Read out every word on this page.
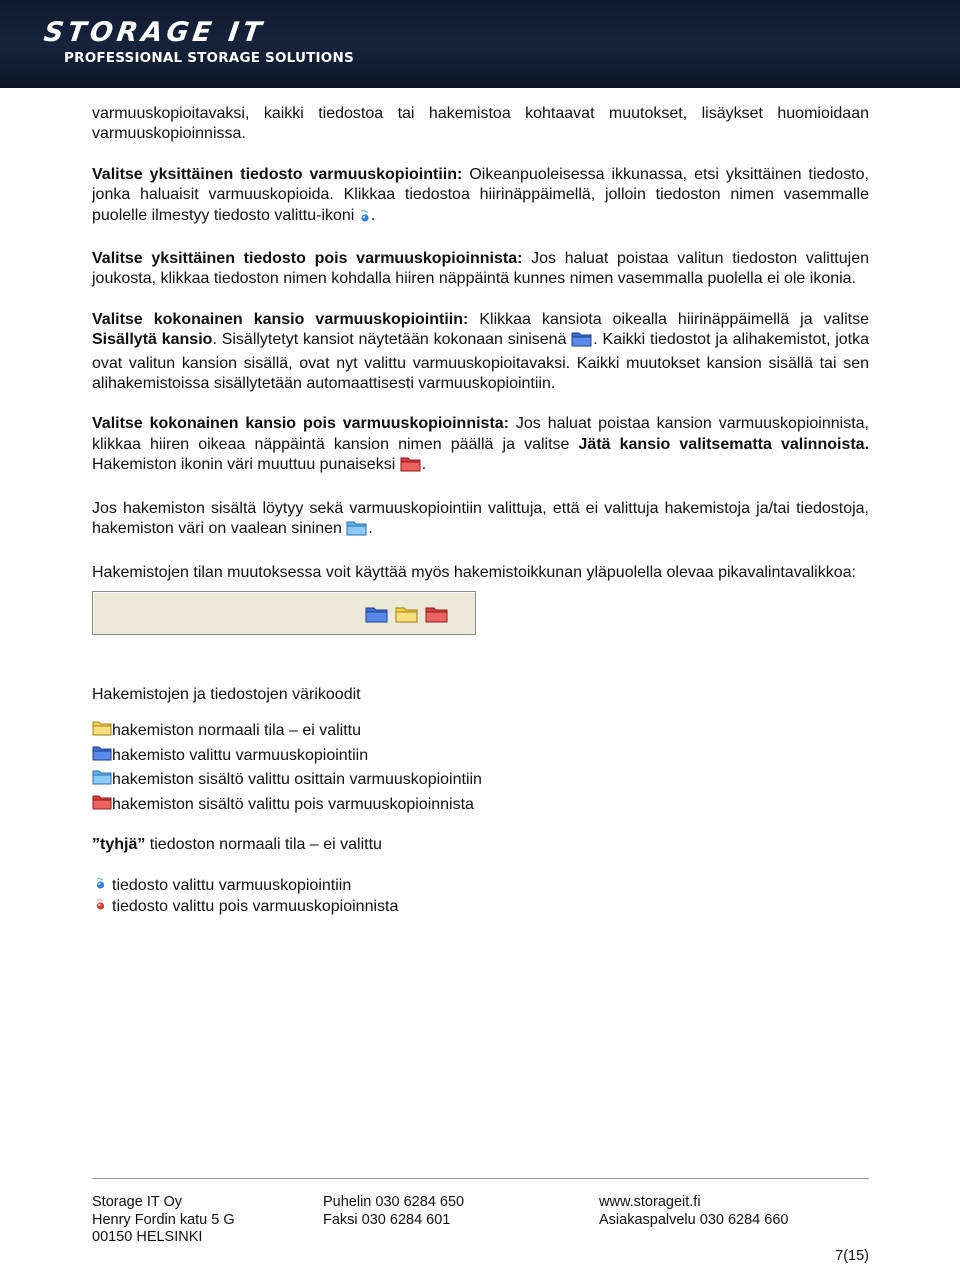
STORAGE IT
PROFESSIONAL STORAGE SOLUTIONS

varmuuskopioitavaksi, kaikki tiedostoa tai hakemistoa kohtaavat muutokset, lisäykset huomioidaan varmuuskopioinnissa.

Valitse yksittäinen tiedosto varmuuskopiointiin: Oikeanpuoleisessa ikkunassa, etsi yksittäinen tiedosto, jonka haluaisit varmuuskopioida. Klikkaa tiedostoa hiirinäppäimellä, jolloin tiedoston nimen vasemmalle puolelle ilmestyy tiedosto valittu-ikoni .

Valitse yksittäinen tiedosto pois varmuuskopioinnista: Jos haluat poistaa valitun tiedoston valittujen joukosta, klikkaa tiedoston nimen kohdalla hiiren näppäintä kunnes nimen vasemmalla puolella ei ole ikonia.

Valitse kokonainen kansio varmuuskopiointiin: Klikkaa kansiota oikealla hiirinäppäimellä ja valitse Sisällytä kansio. Sisällytetyt kansiot näytetään kokonaan sinisenä . Kaikki tiedostot ja alihakemistot, jotka ovat valitun kansion sisällä, ovat nyt valittu varmuuskopioitavaksi. Kaikki muutokset kansion sisällä tai sen alihakemistoissa sisällytetään automaattisesti varmuuskopiointiin.

Valitse kokonainen kansio pois varmuuskopioinnista: Jos haluat poistaa kansion varmuuskopioinnista, klikkaa hiiren oikeaa näppäintä kansion nimen päällä ja valitse Jätä kansio valitsematta valinnoista. Hakemiston ikonin väri muuttuu punaiseksi .

Jos hakemiston sisältä löytyy sekä varmuuskopiointiin valittuja, että ei valittuja hakemistoja ja/tai tiedostoja, hakemiston väri on vaalean sininen .

Hakemistojen tilan muutoksessa voit käyttää myös hakemistoikkunan yläpuolella olevaa pikavalintavalikkoa:

Hakemistojen ja tiedostojen värikoodit

hakemiston normaali tila – ei valittu
hakemisto valittu varmuuskopiointiin
hakemiston sisältö valittu osittain varmuuskopiointiin
hakemiston sisältö valittu pois varmuuskopioinnista

”tyhjä” tiedoston normaali tila – ei valittu

tiedosto valittu varmuuskopiointiin
tiedosto valittu pois varmuuskopioinnista
Storage IT Oy
Henry Fordin katu 5 G
00150 HELSINKI
Puhelin 030 6284 650
Faksi 030 6284 601
www.storageit.fi
Asiakaspalvelu 030 6284 660
7(15)
